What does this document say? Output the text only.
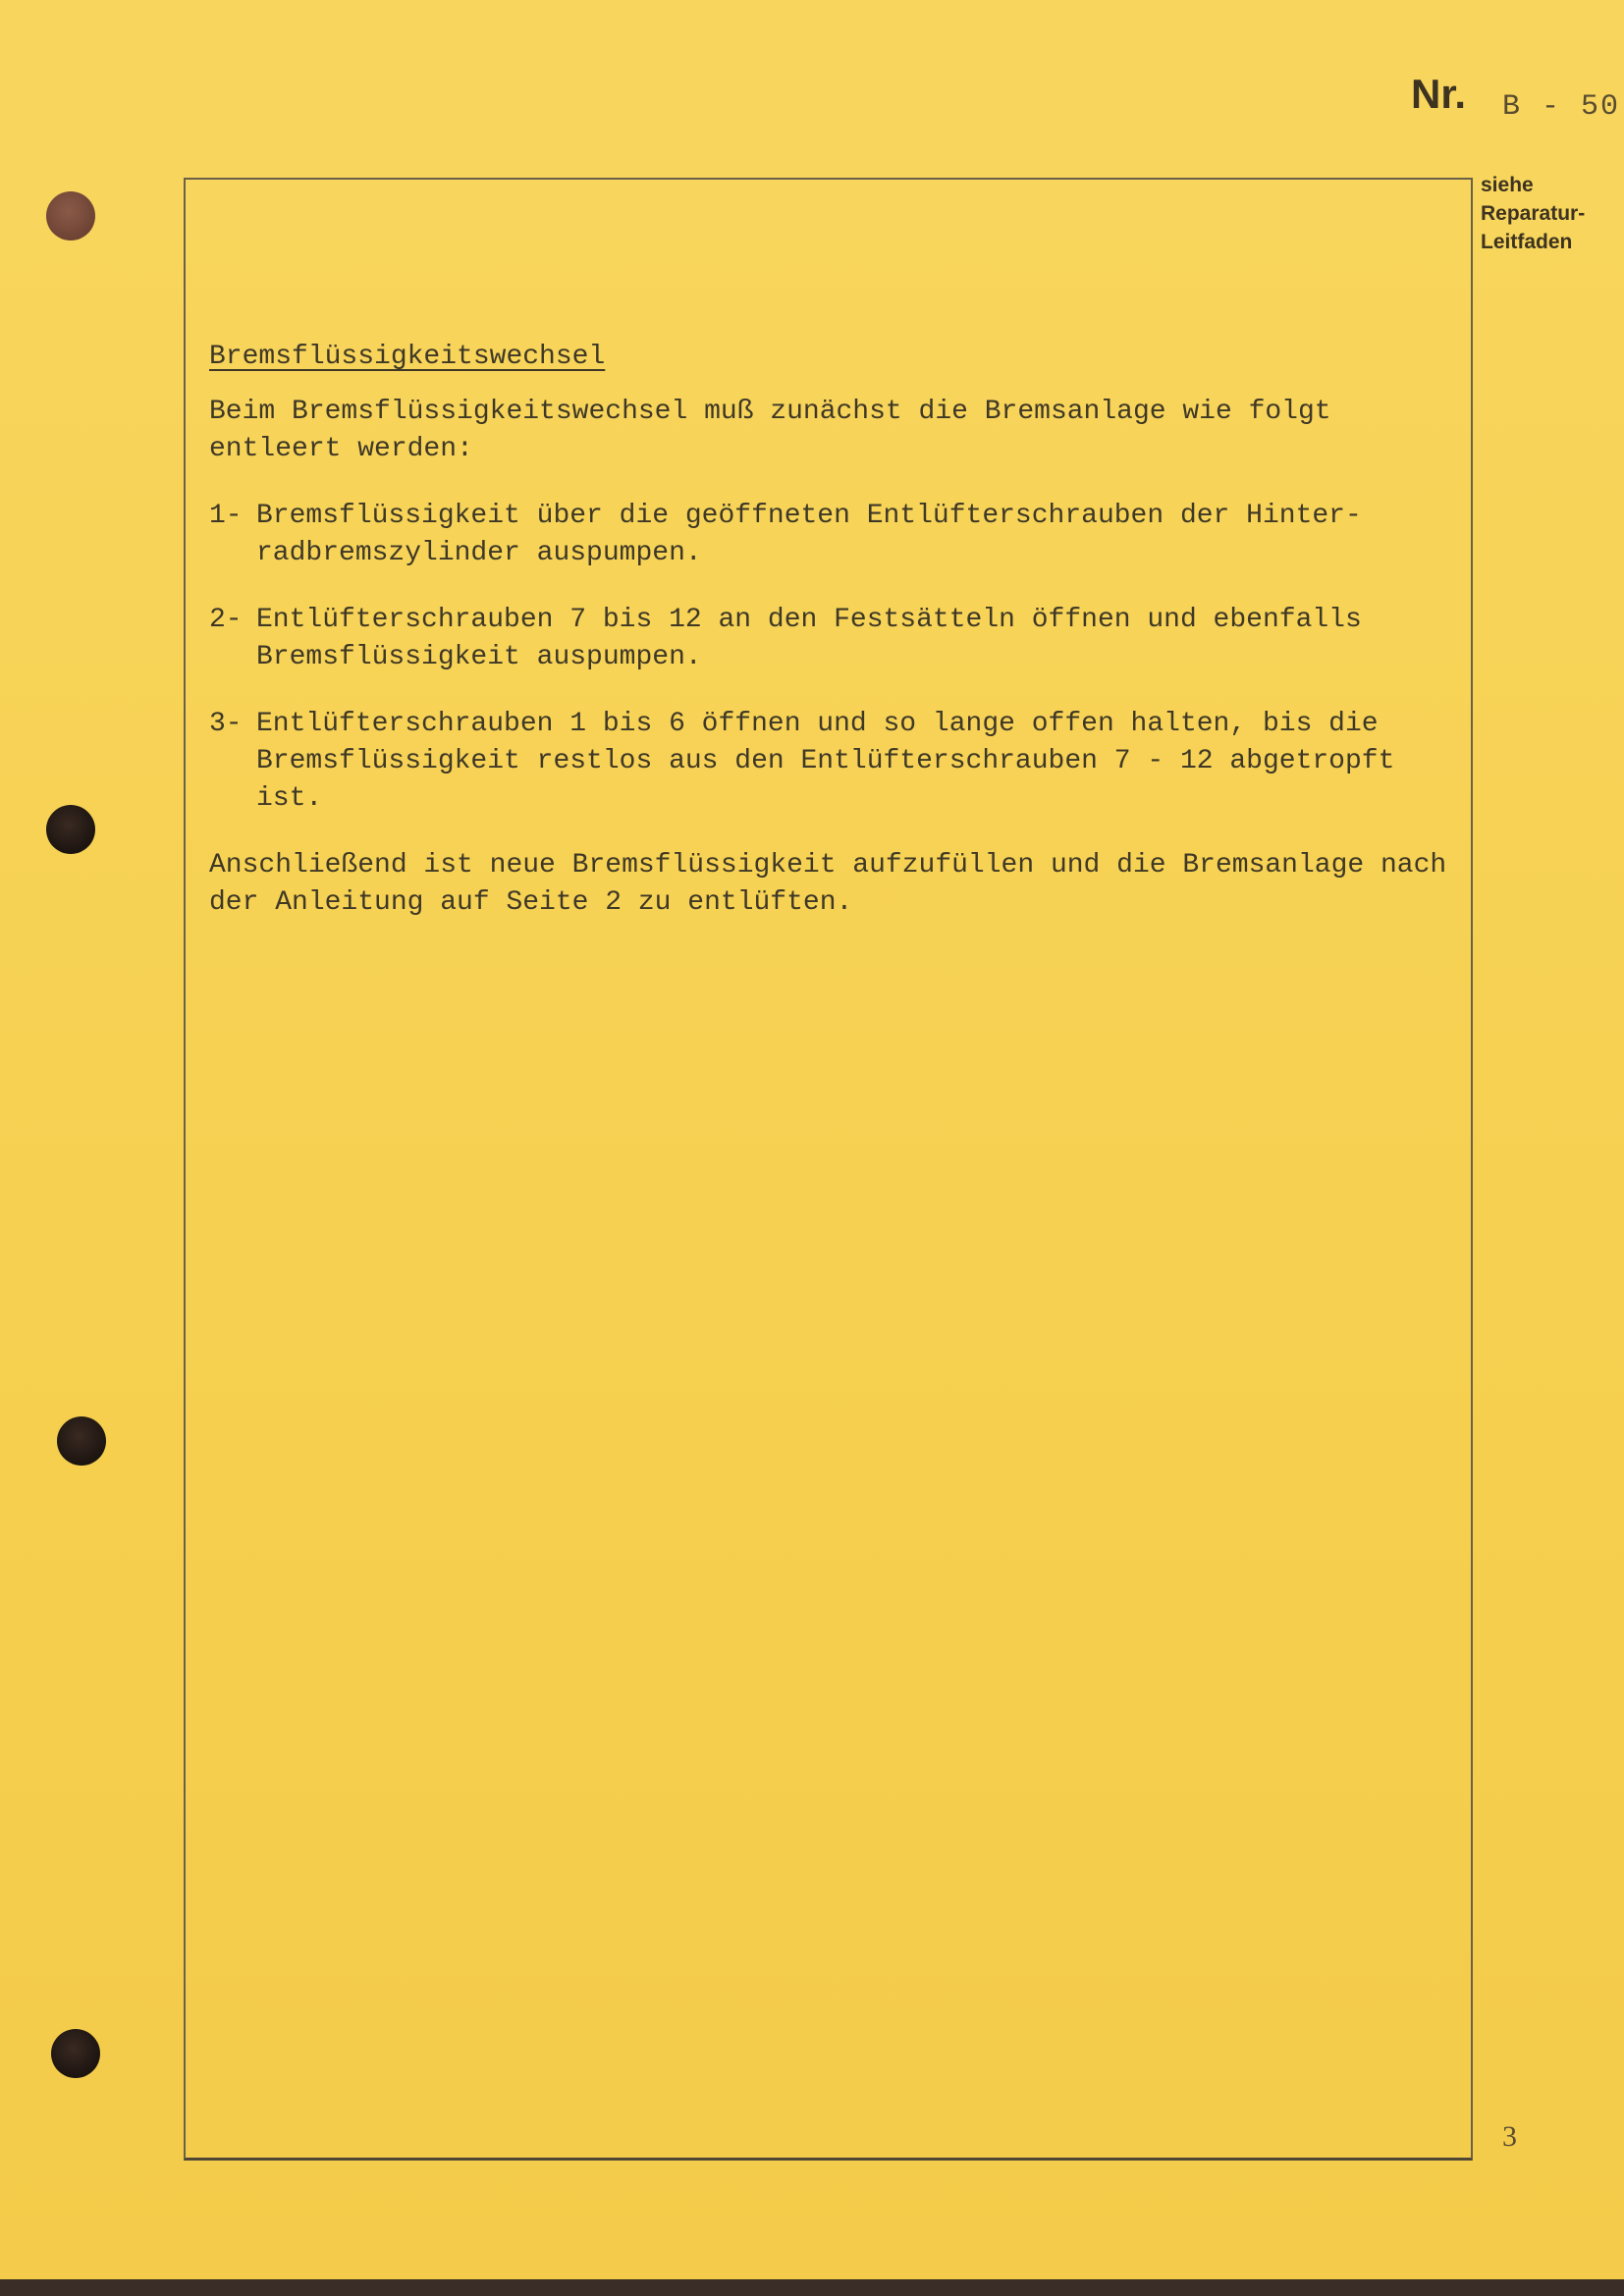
Nr. B - 50
siehe
Reparatur-
Leitfaden
Bremsflüssigkeitswechsel

Beim Bremsflüssigkeitswechsel muß zunächst die Bremsanlage wie folgt entleert werden:

1- Bremsflüssigkeit über die geöffneten Entlüfterschrauben der Hinter-radbremszylinder auspumpen.
2- Entlüfterschrauben 7 bis 12 an den Festsätteln öffnen und ebenfalls Bremsflüssigkeit auspumpen.
3- Entlüfterschrauben 1 bis 6 öffnen und so lange offen halten, bis die Bremsflüssigkeit restlos aus den Entlüfterschrauben 7 - 12 abgetropft ist.

Anschließend ist neue Bremsflüssigkeit aufzufüllen und die Bremsanlage nach der Anleitung auf Seite 2 zu entlüften.

3
